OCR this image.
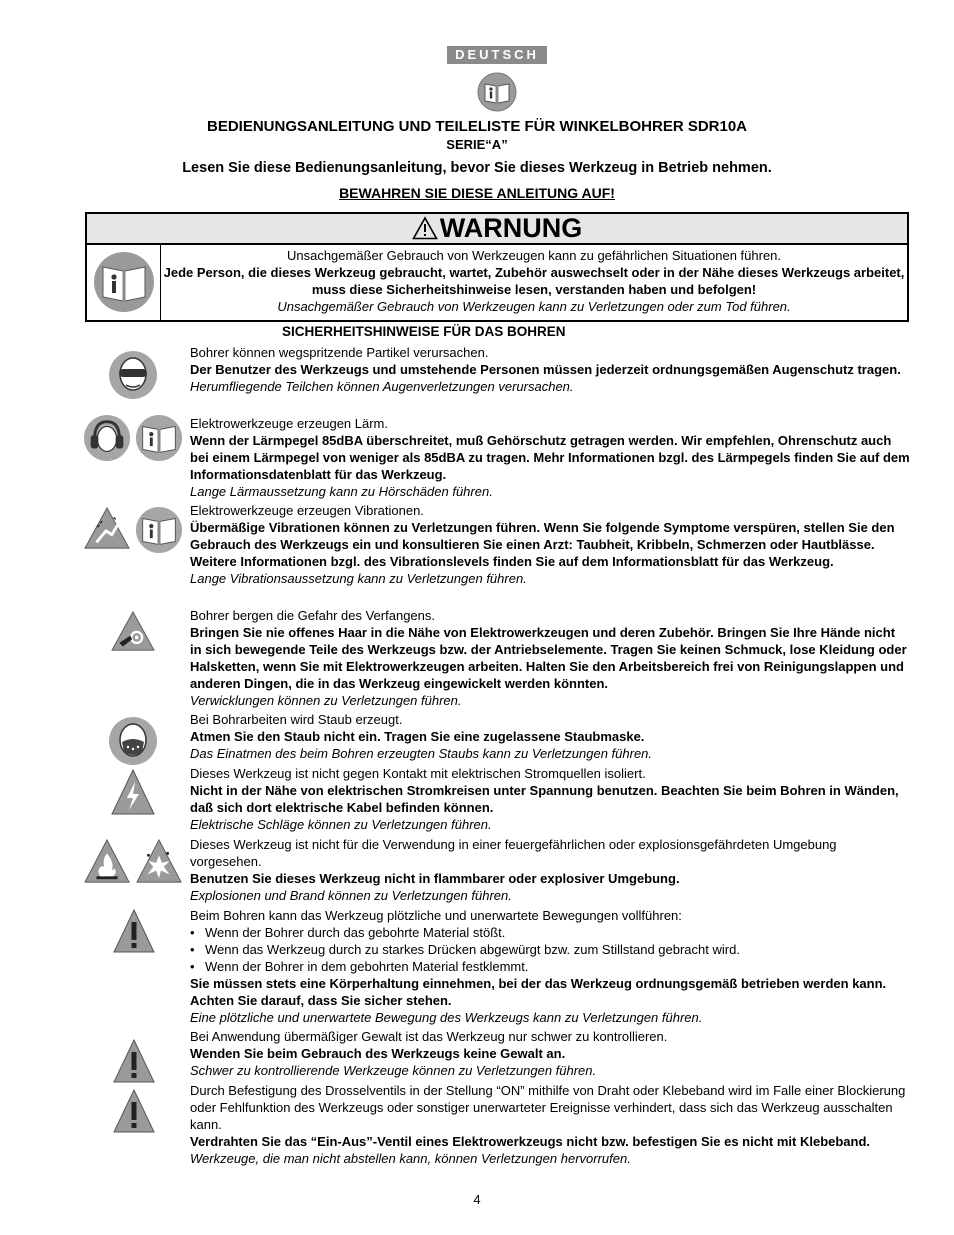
DEUTSCH
BEDIENUNGSANLEITUNG UND TEILELISTE FÜR WINKELBOHRER SDR10A
SERIE“A”
Lesen Sie diese Bedienungsanleitung, bevor Sie dieses Werkzeug in Betrieb nehmen.
BEWAHREN SIE DIESE ANLEITUNG AUF!
WARNUNG
Unsachgemäßer Gebrauch von Werkzeugen kann zu gefährlichen Situationen führen.
Jede Person, die dieses Werkzeug gebraucht, wartet, Zubehör auswechselt oder in der Nähe dieses Werkzeugs arbeitet, muss diese Sicherheitshinweise lesen, verstanden haben und befolgen!
Unsachgemäßer Gebrauch von Werkzeugen kann zu Verletzungen oder zum Tod führen.
SICHERHEITSHINWEISE FÜR DAS BOHREN

Bohrer können wegspritzende Partikel verursachen.

Der Benutzer des Werkzeugs und umstehende Personen müssen jederzeit ordnungsgemäßen Augenschutz tragen.

Herumfliegende Teilchen können Augenverletzungen verursachen.

Elektrowerkzeuge erzeugen Lärm.

Wenn der Lärmpegel 85dBA überschreitet, muß Gehörschutz getragen werden. Wir empfehlen, Ohrenschutz auch bei einem Lärmpegel von weniger als 85dBA zu tragen. Mehr Informationen bzgl. des Lärmpegels finden Sie auf dem Informationsdatenblatt für das Werkzeug.

Lange Lärmaussetzung kann zu Hörschäden führen.

Elektrowerkzeuge erzeugen Vibrationen.

Übermäßige Vibrationen können zu Verletzungen führen. Wenn Sie folgende Symptome verspüren, stellen Sie den Gebrauch des Werkzeugs ein und konsultieren Sie einen Arzt: Taubheit, Kribbeln, Schmerzen oder Hautblässe. Weitere Informationen bzgl. des Vibrationslevels finden Sie auf dem Informationsblatt für das Werkzeug.

Lange Vibrationsaussetzung kann zu Verletzungen führen.

Bohrer bergen die Gefahr des Verfangens.

Bringen Sie nie offenes Haar in die Nähe von Elektrowerkzeugen und deren Zubehör. Bringen Sie Ihre Hände nicht in sich bewegende Teile des Werkzeugs bzw. der Antriebselemente. Tragen Sie keinen Schmuck, lose Kleidung oder Halsketten, wenn Sie mit Elektrowerkzeugen arbeiten. Halten Sie den Arbeitsbereich frei von Reinigungslappen und anderen Dingen, die in das Werkzeug eingewickelt werden könnten.

Verwicklungen können zu Verletzungen führen.

Bei Bohrarbeiten wird Staub erzeugt.

Atmen Sie den Staub nicht ein. Tragen Sie eine zugelassene Staubmaske.

Das Einatmen des beim Bohren erzeugten Staubs kann zu Verletzungen führen.

Dieses Werkzeug ist nicht gegen Kontakt mit elektrischen Stromquellen isoliert.

Nicht in der Nähe von elektrischen Stromkreisen unter Spannung benutzen. Beachten Sie beim Bohren in Wänden, daß sich dort elektrische Kabel befinden können.

Elektrische Schläge können zu Verletzungen führen.

Dieses Werkzeug ist nicht für die Verwendung in einer feuergefährlichen oder explosionsgefährdeten Umgebung vorgesehen.

Benutzen Sie dieses Werkzeug nicht in flammbarer oder explosiver Umgebung.

Explosionen und Brand können zu Verletzungen führen.

Beim Bohren kann das Werkzeug plötzliche und unerwartete Bewegungen vollführen:

• Wenn der Bohrer durch das gebohrte Material stößt.

• Wenn das Werkzeug durch zu starkes Drücken abgewürgt bzw. zum Stillstand gebracht wird.

• Wenn der Bohrer in dem gebohrten Material festklemmt.

Sie müssen stets eine Körperhaltung einnehmen, bei der das Werkzeug ordnungsgemäß betrieben werden kann. Achten Sie darauf, dass Sie sicher stehen.

Eine plötzliche und unerwartete Bewegung des Werkzeugs kann zu Verletzungen führen.

Bei Anwendung übermäßiger Gewalt ist das Werkzeug nur schwer zu kontrollieren.

Wenden Sie beim Gebrauch des Werkzeugs keine Gewalt an.

Schwer zu kontrollierende Werkzeuge können zu Verletzungen führen.

Durch Befestigung des Drosselventils in der Stellung “ON” mithilfe von Draht oder Klebeband wird im Falle einer Blockierung oder Fehlfunktion des Werkzeugs oder sonstiger unerwarteter Ereignisse verhindert, dass sich das Werkzeug ausschalten kann.

Verdrahten Sie das “Ein-Aus”-Ventil eines Elektrowerkzeugs nicht bzw. befestigen Sie es nicht mit Klebeband.

Werkzeuge, die man nicht abstellen kann, können Verletzungen hervorrufen.

4
